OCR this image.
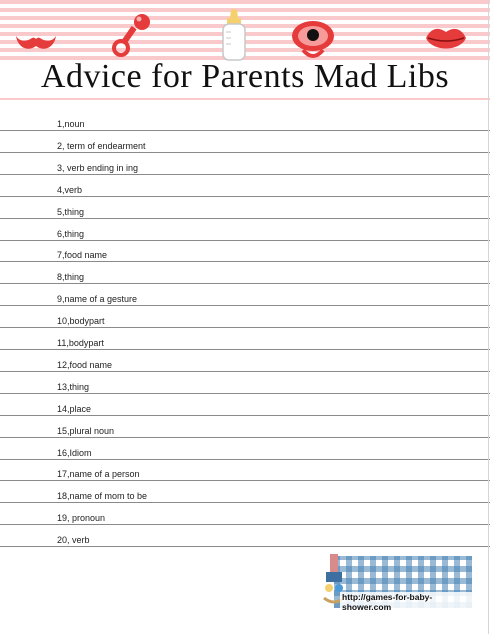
Advice for Parents Mad Libs
1,noun
2, term of endearment
3, verb ending in ing
4,verb
5,thing
6,thing
7,food name
8,thing
9,name of a gesture
10,bodypart
11,bodypart
12,food name
13,thing
14,place
15,plural noun
16,Idiom
17,name of a person
18,name of mom to be
19, pronoun
20, verb
http://games-for-baby-shower.com
